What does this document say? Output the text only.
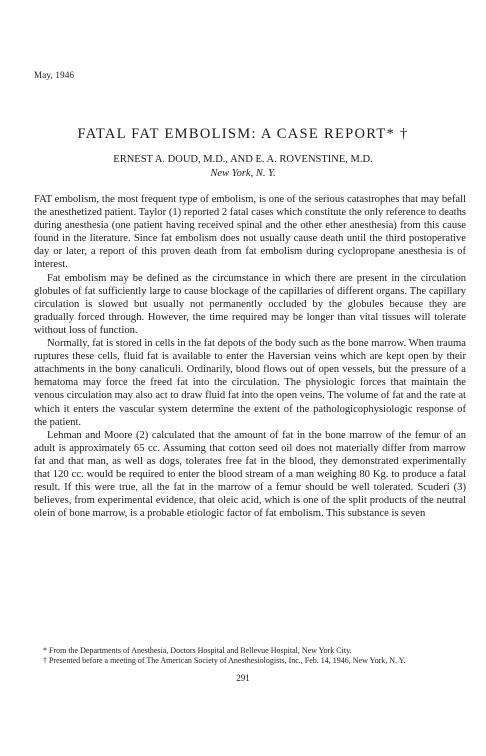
May, 1946
FATAL FAT EMBOLISM: A CASE REPORT* †
ERNEST A. DOUD, M.D., AND E. A. ROVENSTINE, M.D.
New York, N. Y.

FAT embolism, the most frequent type of embolism, is one of the serious catastrophes that may befall the anesthetized patient. Taylor (1) reported 2 fatal cases which constitute the only reference to deaths during anesthesia (one patient having received spinal and the other ether anesthesia) from this cause found in the literature. Since fat embolism does not usually cause death until the third postoperative day or later, a report of this proven death from fat embolism during cyclopropane anesthesia is of interest.

Fat embolism may be defined as the circumstance in which there are present in the circulation globules of fat sufficiently large to cause blockage of the capillaries of different organs. The capillary circulation is slowed but usually not permanently occluded by the globules because they are gradually forced through. However, the time required may be longer than vital tissues will tolerate without loss of function.

Normally, fat is stored in cells in the fat depots of the body such as the bone marrow. When trauma ruptures these cells, fluid fat is available to enter the Haversian veins which are kept open by their attachments in the bony canaliculi. Ordinarily, blood flows out of open vessels, but the pressure of a hematoma may force the freed fat into the circulation. The physiologic forces that maintain the venous circulation may also act to draw fluid fat into the open veins. The volume of fat and the rate at which it enters the vascular system determine the extent of the pathologicophysiologic response of the patient.

Lehman and Moore (2) calculated that the amount of fat in the bone marrow of the femur of an adult is approximately 65 cc. Assuming that cotton seed oil does not materially differ from marrow fat and that man, as well as dogs, tolerates free fat in the blood, they demonstrated experimentally that 120 cc. would be required to enter the blood stream of a man weighing 80 Kg. to produce a fatal result. If this were true, all the fat in the marrow of a femur should be well tolerated. Scuderi (3) believes, from experimental evidence, that oleic acid, which is one of the split products of the neutral olein of bone marrow, is a probable etiologic factor of fat embolism. This substance is seven

* From the Departments of Anesthesia, Doctors Hospital and Bellevue Hospital, New York City.

† Presented before a meeting of The American Society of Anesthesiologists, Inc., Feb. 14, 1946, New York, N. Y.

291
